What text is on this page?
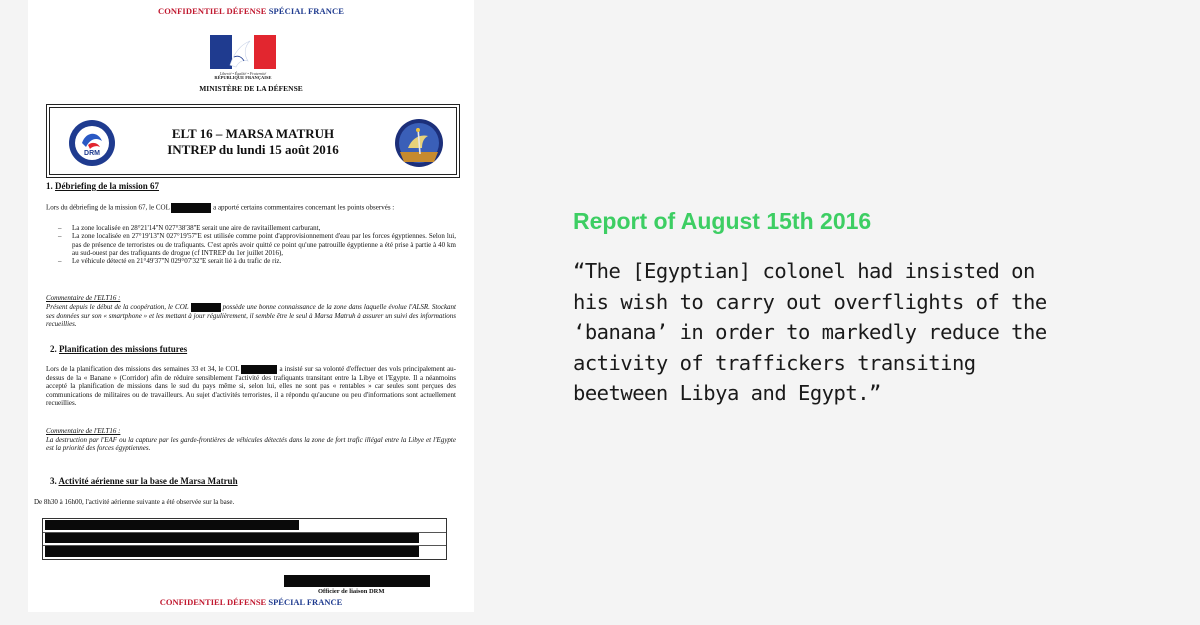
CONFIDENTIEL DÉFENSE SPÉCIAL FRANCE
Liberté • Égalité • Fraternité
RÉPUBLIQUE FRANÇAISE
MINISTÈRE DE LA DÉFENSE
DRM
ELT 16 – MARSA MATRUH
INTREP du lundi 15 août 2016
1. Débriefing de la mission 67
Lors du débriefing de la mission 67, le COL	a apporté certains commentaires concernant les points observés :
–	La zone localisée en 28°21'14''N 027°38'38''E serait une aire de ravitaillement carburant,
–	La zone localisée en 27°19'13''N 027°19'57''E est utilisée comme point d'approvisionnement d'eau par les forces égyptiennes. Selon lui, pas de présence de terroristes ou de trafiquants. C'est après avoir quitté ce point qu'une patrouille égyptienne a été prise à partie à 40 km au sud-ouest par des trafiquants de drogue (cf INTREP du 1er juillet 2016),
–	Le véhicule détecté en 21°49'37''N 029°07'32''E serait lié à du trafic de riz.
Commentaire de l'ELT16 :
Présent depuis le début de la coopération, le COL	possède une bonne connaissance de la zone dans laquelle évolue l'ALSR. Stockant ses données sur son « smartphone » et les mettant à jour régulièrement, il semble être le seul à Marsa Matruh à assurer un suivi des informations recueillies.
2. Planification des missions futures
Lors de la planification des missions des semaines 33 et 34, le COL	a insisté sur sa volonté d'effectuer des vols principalement au-dessus de la « Banane » (Corridor) afin de réduire sensiblement l'activité des trafiquants transitant entre la Libye et l'Egypte. Il a néanmoins accepté la planification de missions dans le sud du pays même si, selon lui, elles ne sont pas « rentables » car seules sont perçues des communications de militaires ou de travailleurs. Au sujet d'activités terroristes, il a répondu qu'aucune ou peu d'informations sont actuellement recueillies.
Commentaire de l'ELT16 :
La destruction par l'EAF ou la capture par les garde-frontières de véhicules détectés dans la zone de fort trafic illégal entre la Libye et l'Egypte est la priorité des forces égyptiennes.
3. Activité aérienne sur la base de Marsa Matruh
De 8h30 à 16h00, l'activité aérienne suivante a été observée sur la base.
Officier de liaison DRM
CONFIDENTIEL DÉFENSE SPÉCIAL FRANCE
Report of August 15th 2016
“The [Egyptian] colonel had insisted on
his wish to carry out overflights of the
‘banana’ in order to markedly reduce the
activity of traffickers transiting
beetween Libya and Egypt.”
